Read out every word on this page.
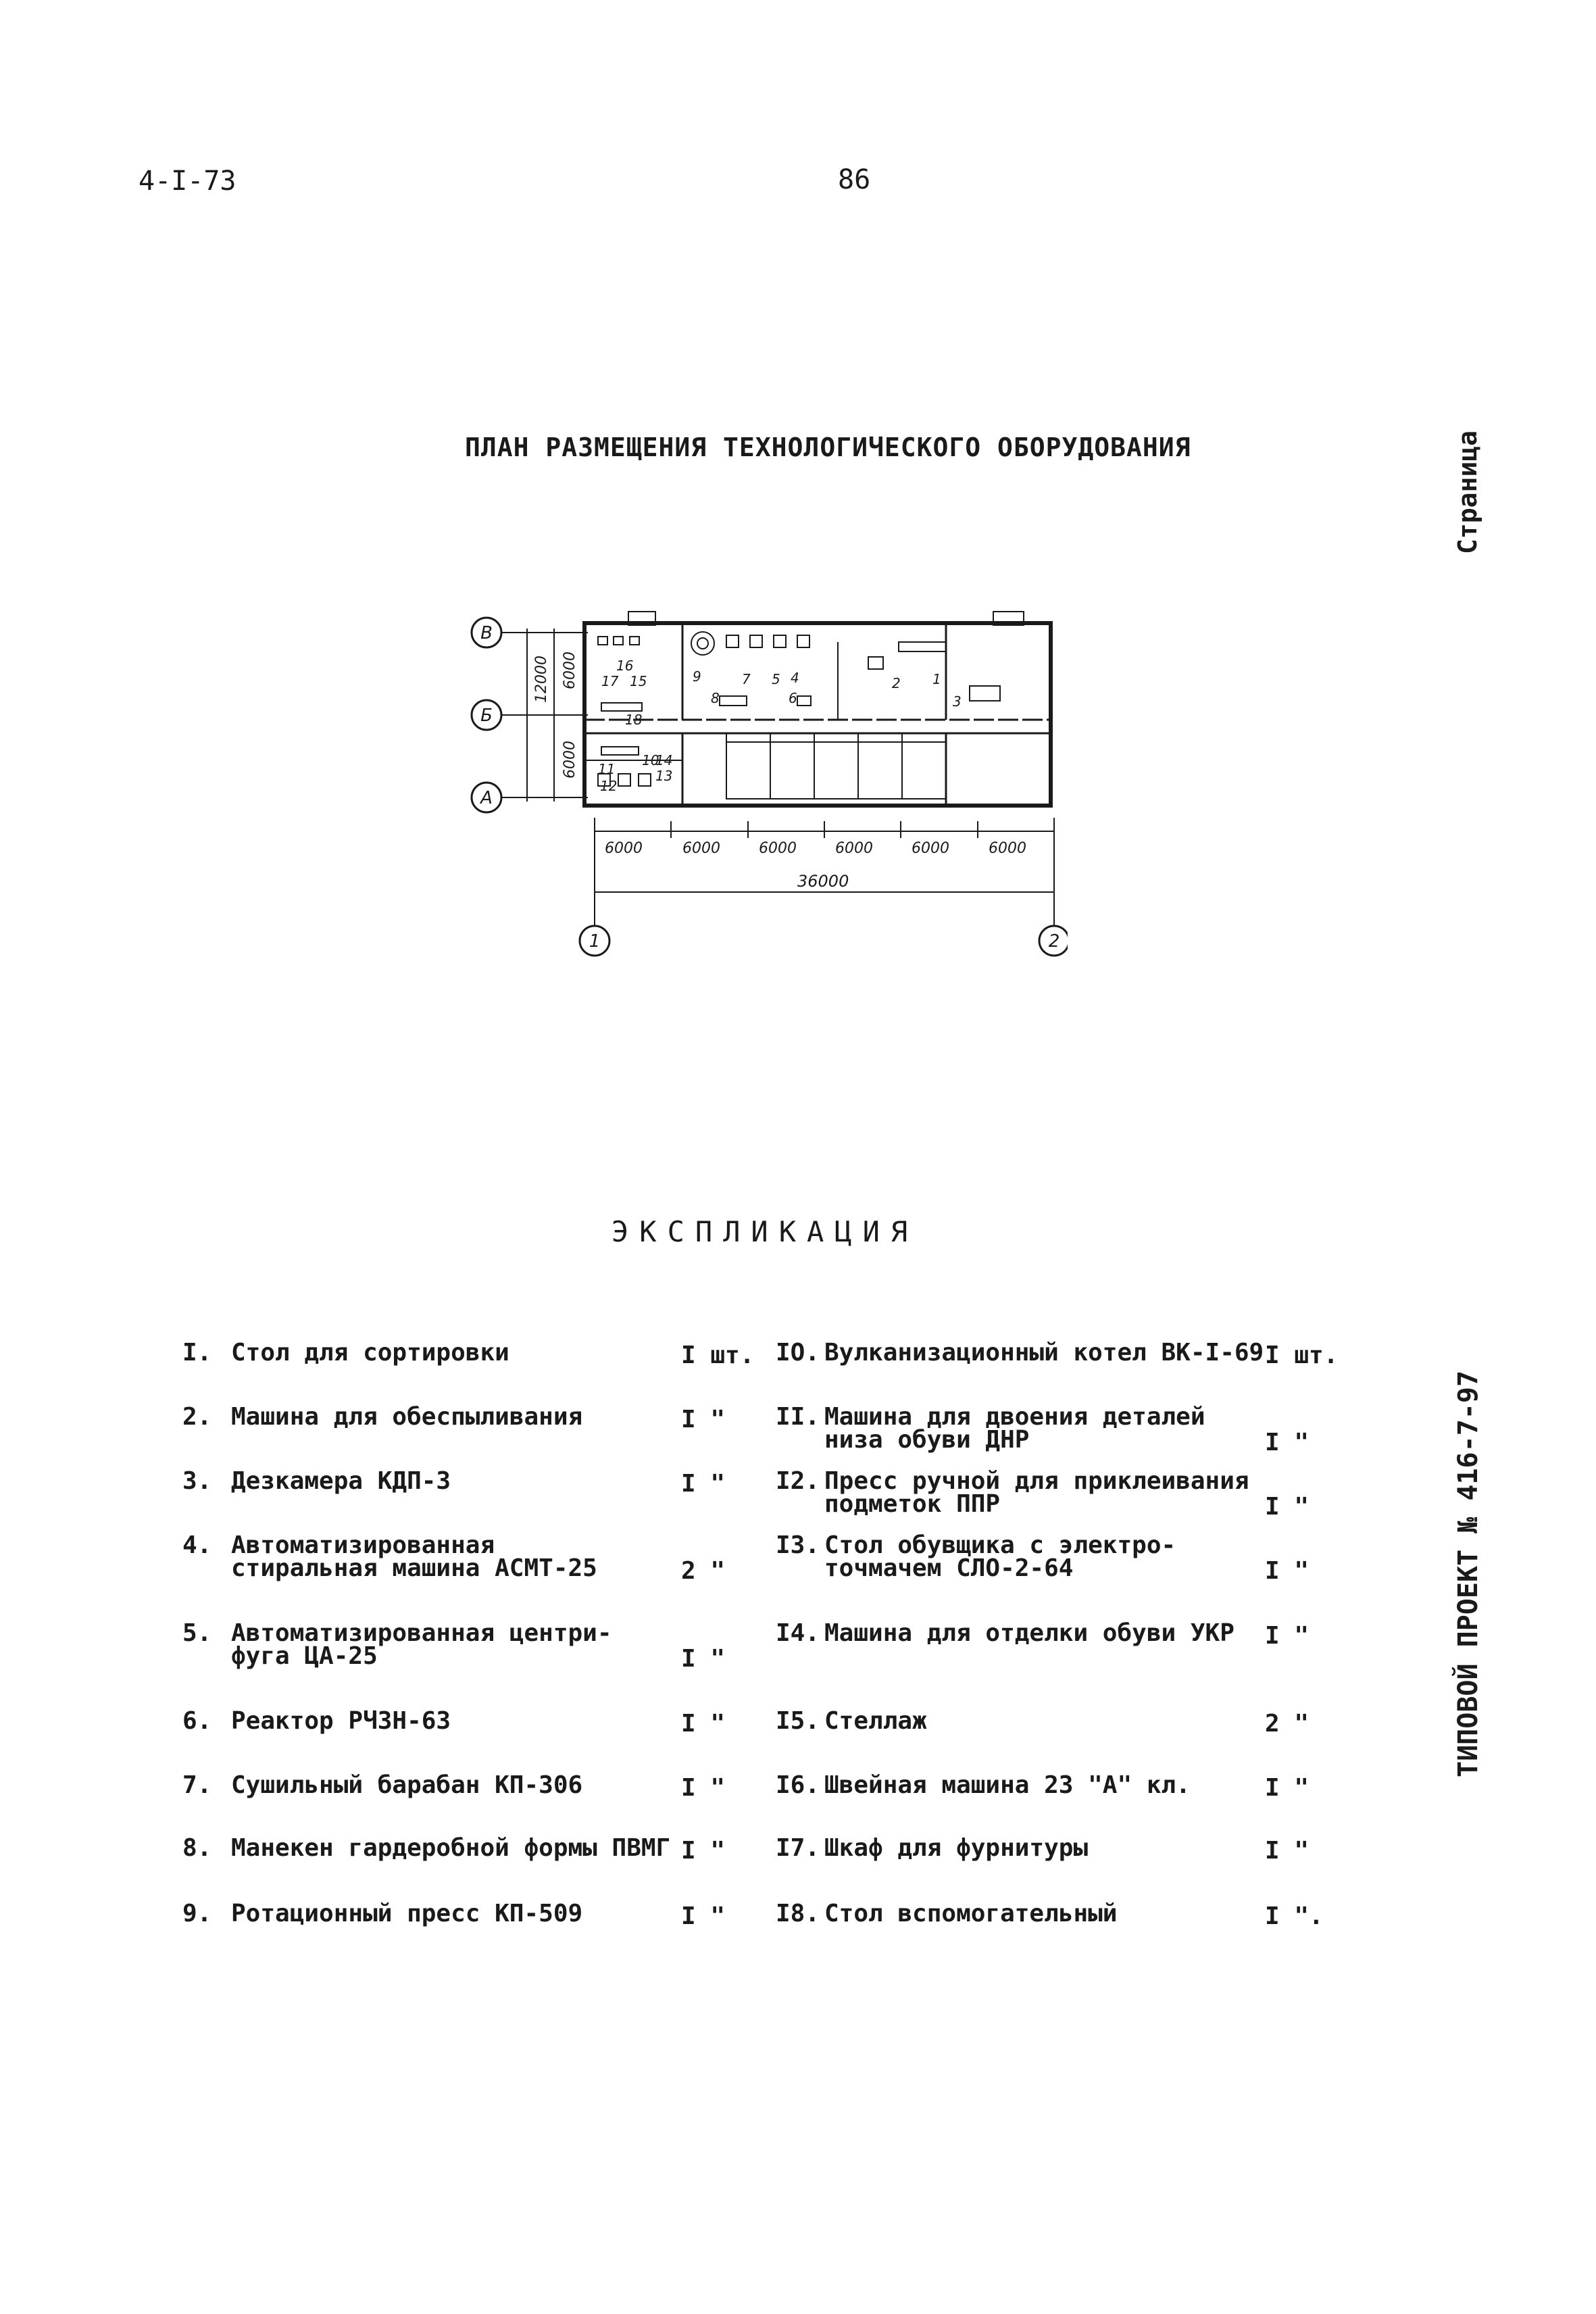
4-I-73	86
Страница
ТИПОВОЙ ПРОЕКТ № 416-7-97
ПЛАН РАЗМЕЩЕНИЯ ТЕХНОЛОГИЧЕСКОГО ОБОРУДОВАНИЯ
В
Б
А
12000 6000
6000
1
2
3
4
5
6
7
8
9
10
11
12
13
14
15
16
17
18
6000	6000	6000	6000	6000	6000
36000
1	2
ЭКСПЛИКАЦИЯ
I. Стол для сортировки	I шт.
2. Машина для обеспыливания	I "
3. Дезкамера КДП-3	I "
4. Автоматизированная
стиральная машина АСМТ-25	2 "
5. Автоматизированная центри-
фуга ЦА-25	I "
6. Реактор РЧЗН-63	I "
7. Сушильный барабан КП-306	I "
8. Манекен гардеробной формы ПВМГ I "
9. Ротационный пресс КП-509	I "
IO. Вулканизационный котел ВК-I-69 I шт.
II. Машина для двоения деталей
низа обуви ДНР	I "
I2. Пресс ручной для приклеивания
подметок ППР	I "
I3. Стол обувщика с электро-
точмачем СЛО-2-64	I "
I4. Машина для отделки обуви УКР I "
I5. Стеллаж	2 "
I6. Швейная машина 23 "А" кл.	I "
I7. Шкаф для фурнитуры	I "
I8. Стол вспомогательный	I ".
